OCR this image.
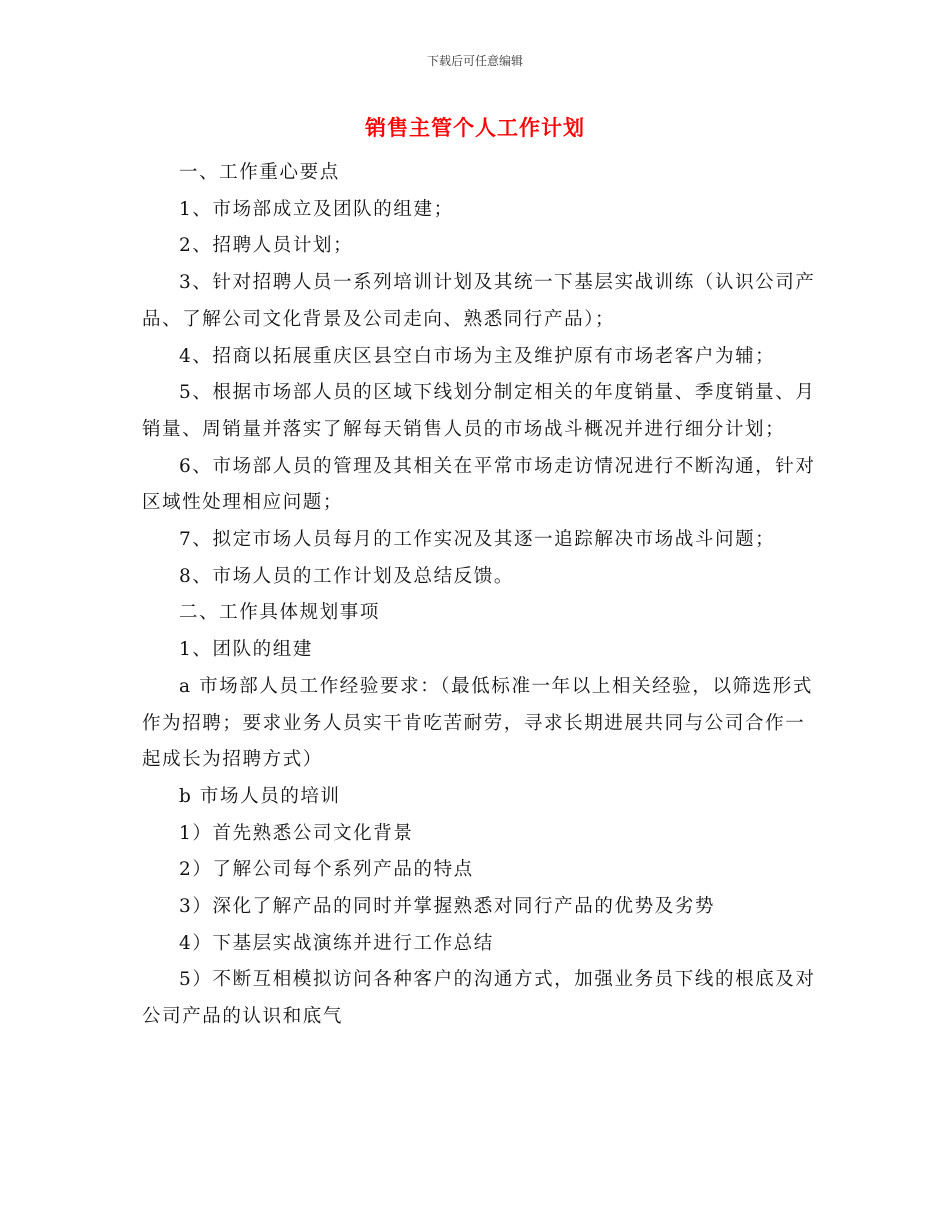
下载后可任意编辑
销售主管个人工作计划

一、工作重心要点

1、市场部成立及团队的组建；

2、招聘人员计划；

3、针对招聘人员一系列培训计划及其统一下基层实战训练（认识公司产品、了解公司文化背景及公司走向、熟悉同行产品）；

4、招商以拓展重庆区县空白市场为主及维护原有市场老客户为辅；

5、根据市场部人员的区域下线划分制定相关的年度销量、季度销量、月销量、周销量并落实了解每天销售人员的市场战斗概况并进行细分计划；

6、市场部人员的管理及其相关在平常市场走访情况进行不断沟通，针对区域性处理相应问题；

7、拟定市场人员每月的工作实况及其逐一追踪解决市场战斗问题；

8、市场人员的工作计划及总结反馈。

二、工作具体规划事项

1、团队的组建

a 市场部人员工作经验要求：（最低标准一年以上相关经验，以筛选形式作为招聘；要求业务人员实干肯吃苦耐劳，寻求长期进展共同与公司合作一起成长为招聘方式）

b 市场人员的培训

1）首先熟悉公司文化背景

2）了解公司每个系列产品的特点

3）深化了解产品的同时并掌握熟悉对同行产品的优势及劣势

4）下基层实战演练并进行工作总结

5）不断互相模拟访问各种客户的沟通方式，加强业务员下线的根底及对公司产品的认识和底气
